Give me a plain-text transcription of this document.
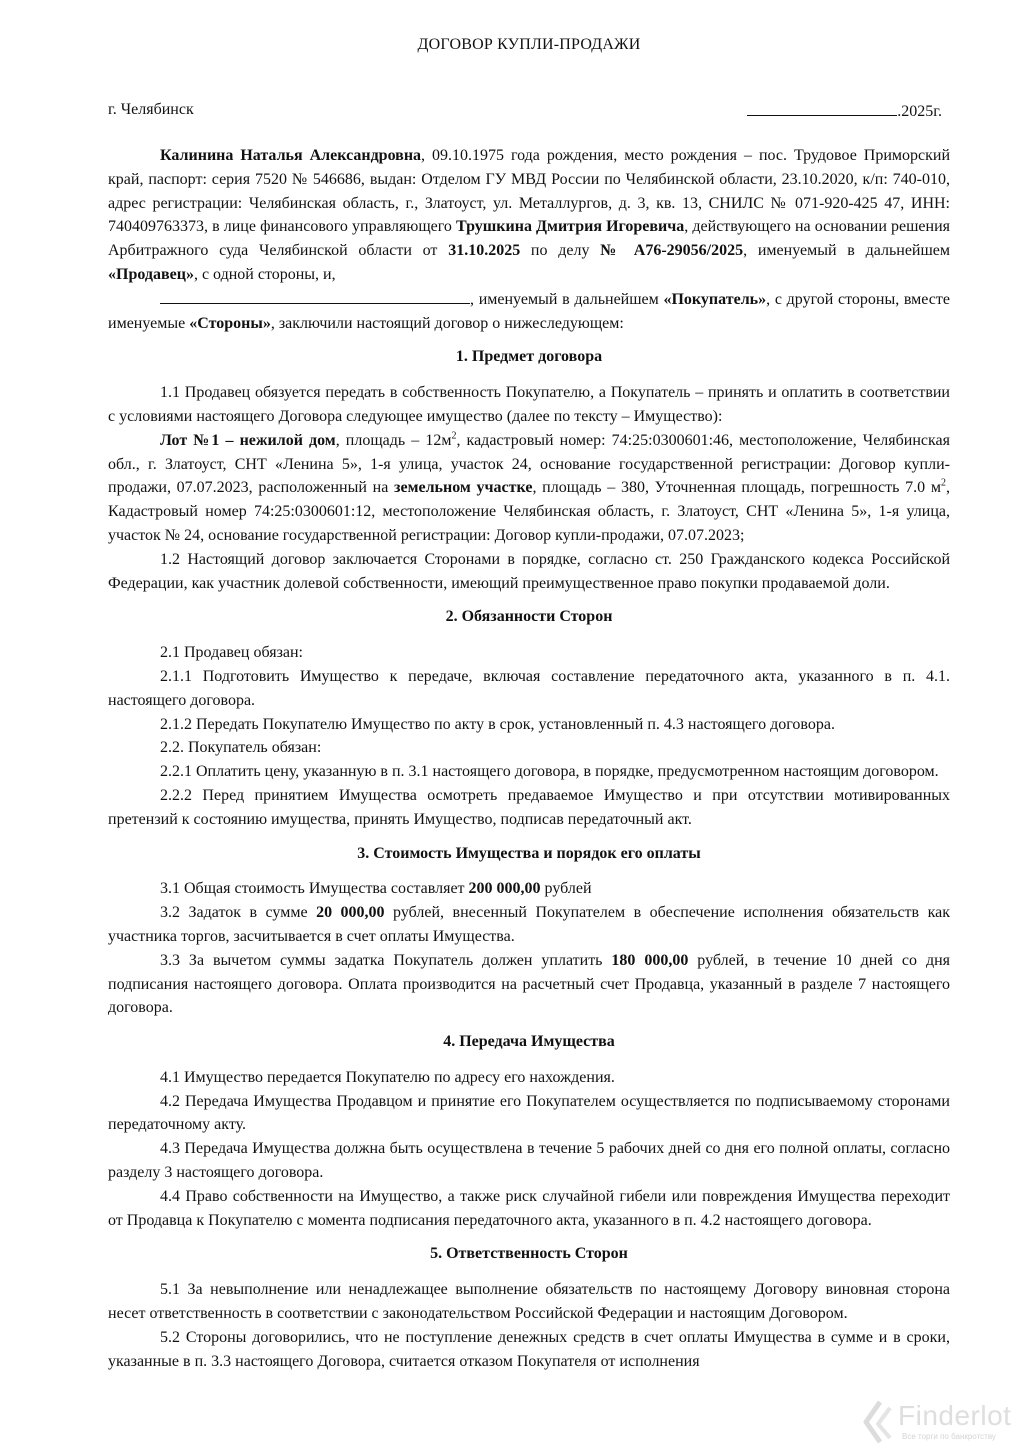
ДОГОВОР КУПЛИ-ПРОДАЖИ
г. Челябинск	.2025г.

Калинина Наталья Александровна, 09.10.1975 года рождения, место рождения – пос. Трудовое Приморский край, паспорт: серия 7520 № 546686, выдан: Отделом ГУ МВД России по Челябинской области, 23.10.2020, к/п: 740-010, адрес регистрации: Челябинская область, г., Златоуст, ул. Металлургов, д. 3, кв. 13, СНИЛС № 071-920-425 47, ИНН: 740409763373, в лице финансового управляющего Трушкина Дмитрия Игоревича, действующего на основании решения Арбитражного суда Челябинской области от 31.10.2025 по делу № А76-29056/2025, именуемый в дальнейшем «Продавец», с одной стороны, и,

, именуемый в дальнейшем «Покупатель», с другой стороны, вместе именуемые «Стороны», заключили настоящий договор о нижеследующем:

1. Предмет договора

1.1 Продавец обязуется передать в собственность Покупателю, а Покупатель – принять и оплатить в соответствии с условиями настоящего Договора следующее имущество (далее по тексту – Имущество):

Лот №1 – нежилой дом, площадь – $12м^2$, кадастровый номер: 74:25:0300601:46, местоположение, Челябинская обл., г. Златоуст, СНТ «Ленина 5», 1-я улица, участок 24, основание государственной регистрации: Договор купли-продажи, 07.07.2023, расположенный на земельном участке, площадь – 380, Уточненная площадь, погрешность 7.0 $м^2$, Кадастровый номер 74:25:0300601:12, местоположение Челябинская область, г. Златоуст, СНТ «Ленина 5», 1-я улица, участок № 24, основание государственной регистрации: Договор купли-продажи, 07.07.2023;

1.2 Настоящий договор заключается Сторонами в порядке, согласно ст. 250 Гражданского кодекса Российской Федерации, как участник долевой собственности, имеющий преимущественное право покупки продаваемой доли.

2. Обязанности Сторон

2.1 Продавец обязан:

2.1.1 Подготовить Имущество к передаче, включая составление передаточного акта, указанного в п. 4.1. настоящего договора.

2.1.2 Передать Покупателю Имущество по акту в срок, установленный п. 4.3 настоящего договора.

2.2. Покупатель обязан:

2.2.1 Оплатить цену, указанную в п. 3.1 настоящего договора, в порядке, предусмотренном настоящим договором.

2.2.2 Перед принятием Имущества осмотреть предаваемое Имущество и при отсутствии мотивированных претензий к состоянию имущества, принять Имущество, подписав передаточный акт.

3. Стоимость Имущества и порядок его оплаты

3.1 Общая стоимость Имущества составляет 200 000,00 рублей

3.2 Задаток в сумме 20 000,00 рублей, внесенный Покупателем в обеспечение исполнения обязательств как участника торгов, засчитывается в счет оплаты Имущества.

3.3 За вычетом суммы задатка Покупатель должен уплатить 180 000,00 рублей, в течение 10 дней со дня подписания настоящего договора. Оплата производится на расчетный счет Продавца, указанный в разделе 7 настоящего договора.

4. Передача Имущества

4.1 Имущество передается Покупателю по адресу его нахождения.

4.2 Передача Имущества Продавцом и принятие его Покупателем осуществляется по подписываемому сторонами передаточному акту.

4.3 Передача Имущества должна быть осуществлена в течение 5 рабочих дней со дня его полной оплаты, согласно разделу 3 настоящего договора.

4.4 Право собственности на Имущество, а также риск случайной гибели или повреждения Имущества переходит от Продавца к Покупателю с момента подписания передаточного акта, указанного в п. 4.2 настоящего договора.

5. Ответственность Сторон

5.1 За невыполнение или ненадлежащее выполнение обязательств по настоящему Договору виновная сторона несет ответственность в соответствии с законодательством Российской Федерации и настоящим Договором.

5.2 Стороны договорились, что не поступление денежных средств в счет оплаты Имущества в сумме и в сроки, указанные в п. 3.3 настоящего Договора, считается отказом Покупателя от исполнения

Finderlot
Все торги по банкротству
